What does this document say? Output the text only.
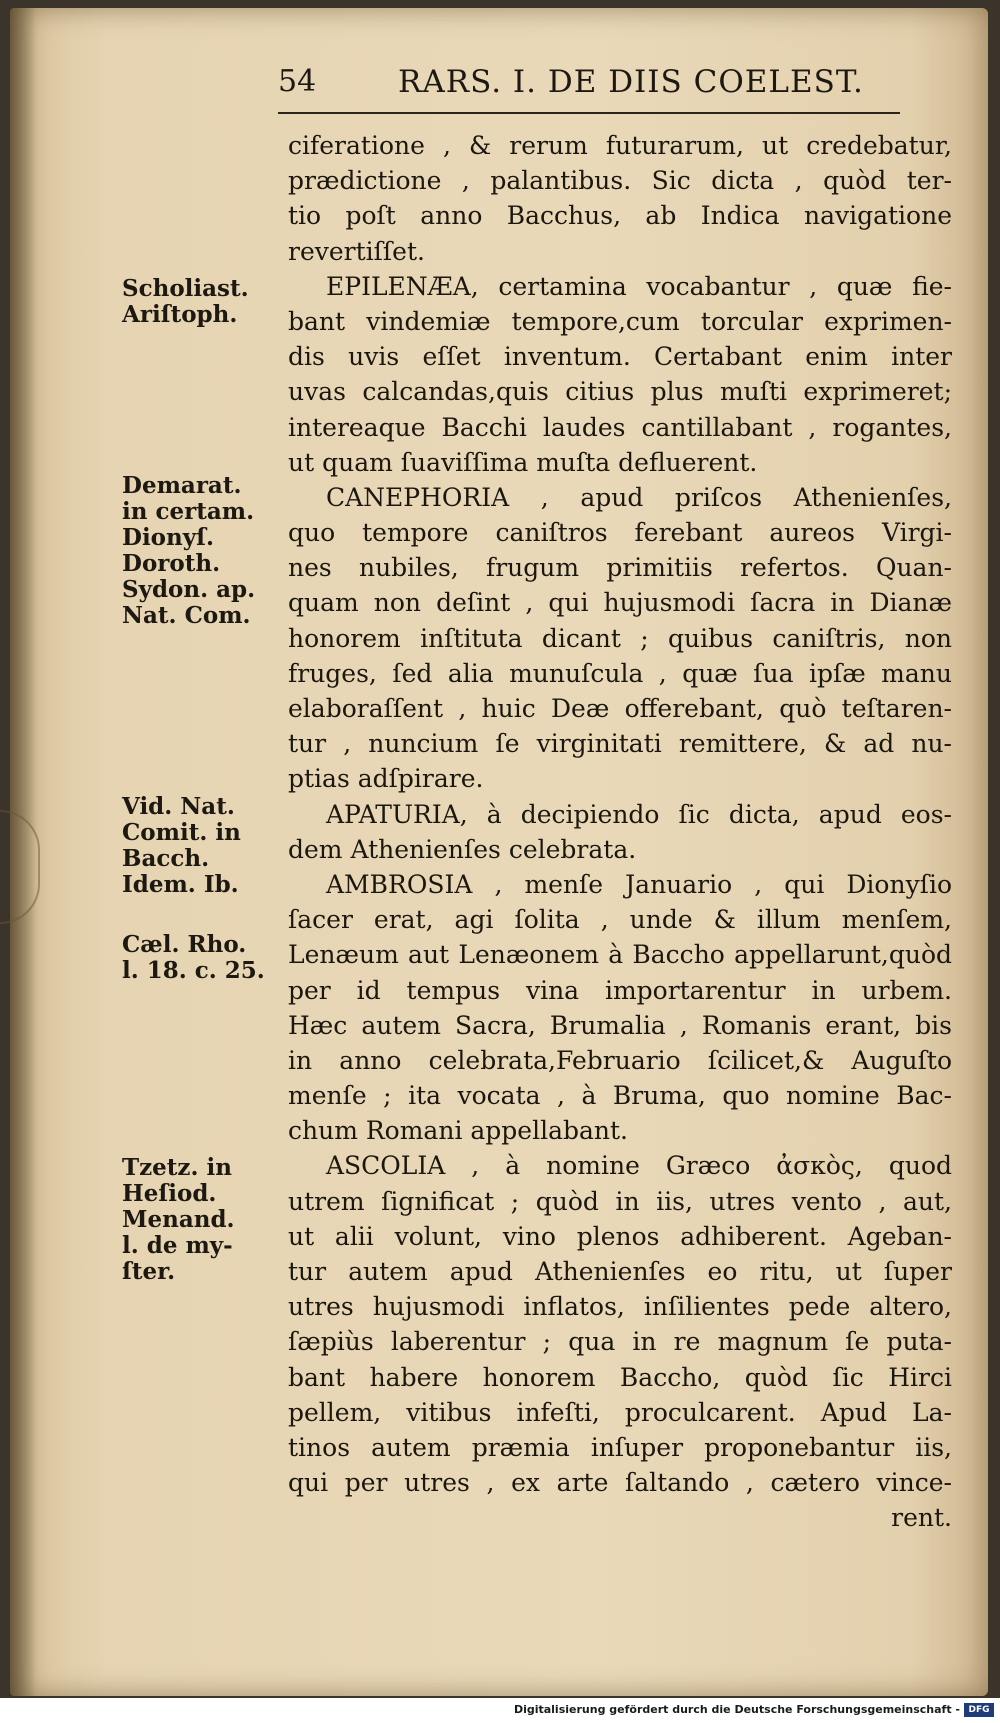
54	RARS. I. DE DIIS COELEST.
Scholiast.
Ariſtoph.
Demarat.
in certam.
Dionyſ.
Doroth.
Sydon. ap.
Nat. Com.
Vid. Nat.
Comit. in
Bacch.
Idem. Ib.
Cæl. Rho.
l. 18. c. 25.
Tzetz. in
Heſiod.
Menand.
l. de my-
ſter.
ciferatione , & rerum futurarum, ut credebatur,
prædictione , palantibus. Sic dicta , quòd ter-
tio poſt anno Bacchus, ab Indica navigatione
revertiſſet.
EPILENÆA, certamina vocabantur , quæ fie-
bant vindemiæ tempore,cum torcular exprimen-
dis uvis eſſet inventum. Certabant enim inter
uvas calcandas,quis citius plus muſti exprimeret;
intereaque Bacchi laudes cantillabant , rogantes,
ut quam ſuaviſſima muſta defluerent.
CANEPHORIA , apud priſcos Athenienſes,
quo tempore caniſtros ferebant aureos Virgi-
nes nubiles, frugum primitiis refertos. Quan-
quam non deſint , qui hujusmodi ſacra in Dianæ
honorem inſtituta dicant ; quibus caniſtris, non
fruges, ſed alia munuſcula , quæ ſua ipſæ manu
elaboraſſent , huic Deæ offerebant, quò teſtaren-
tur , nuncium ſe virginitati remittere, & ad nu-
ptias adſpirare.
APATURIA, à decipiendo ſic dicta, apud eos-
dem Athenienſes celebrata.
AMBROSIA , menſe Januario , qui Dionyſio
ſacer erat, agi ſolita , unde & illum menſem,
Lenæum aut Lenæonem à Baccho appellarunt,quòd
per id tempus vina importarentur in urbem.
Hæc autem Sacra, Brumalia , Romanis erant, bis
in anno celebrata,Februario ſcilicet,& Auguſto
menſe ; ita vocata , à Bruma, quo nomine Bac-
chum Romani appellabant.
ASCOLIA , à nomine Græco ἀσκὸς, quod
utrem ſignificat ; quòd in iis, utres vento , aut,
ut alii volunt, vino plenos adhiberent. Ageban-
tur autem apud Athenienſes eo ritu, ut ſuper
utres hujusmodi inflatos, inſilientes pede altero,
ſæpiùs laberentur ; qua in re magnum ſe puta-
bant habere honorem Baccho, quòd ſic Hirci
pellem, vitibus infeſti, proculcarent. Apud La-
tinos autem præmia inſuper proponebantur iis,
qui per utres , ex arte ſaltando , cætero vince-
rent.
Digitalisierung gefördert durch die Deutsche Forschungsgemeinschaft - DFG
